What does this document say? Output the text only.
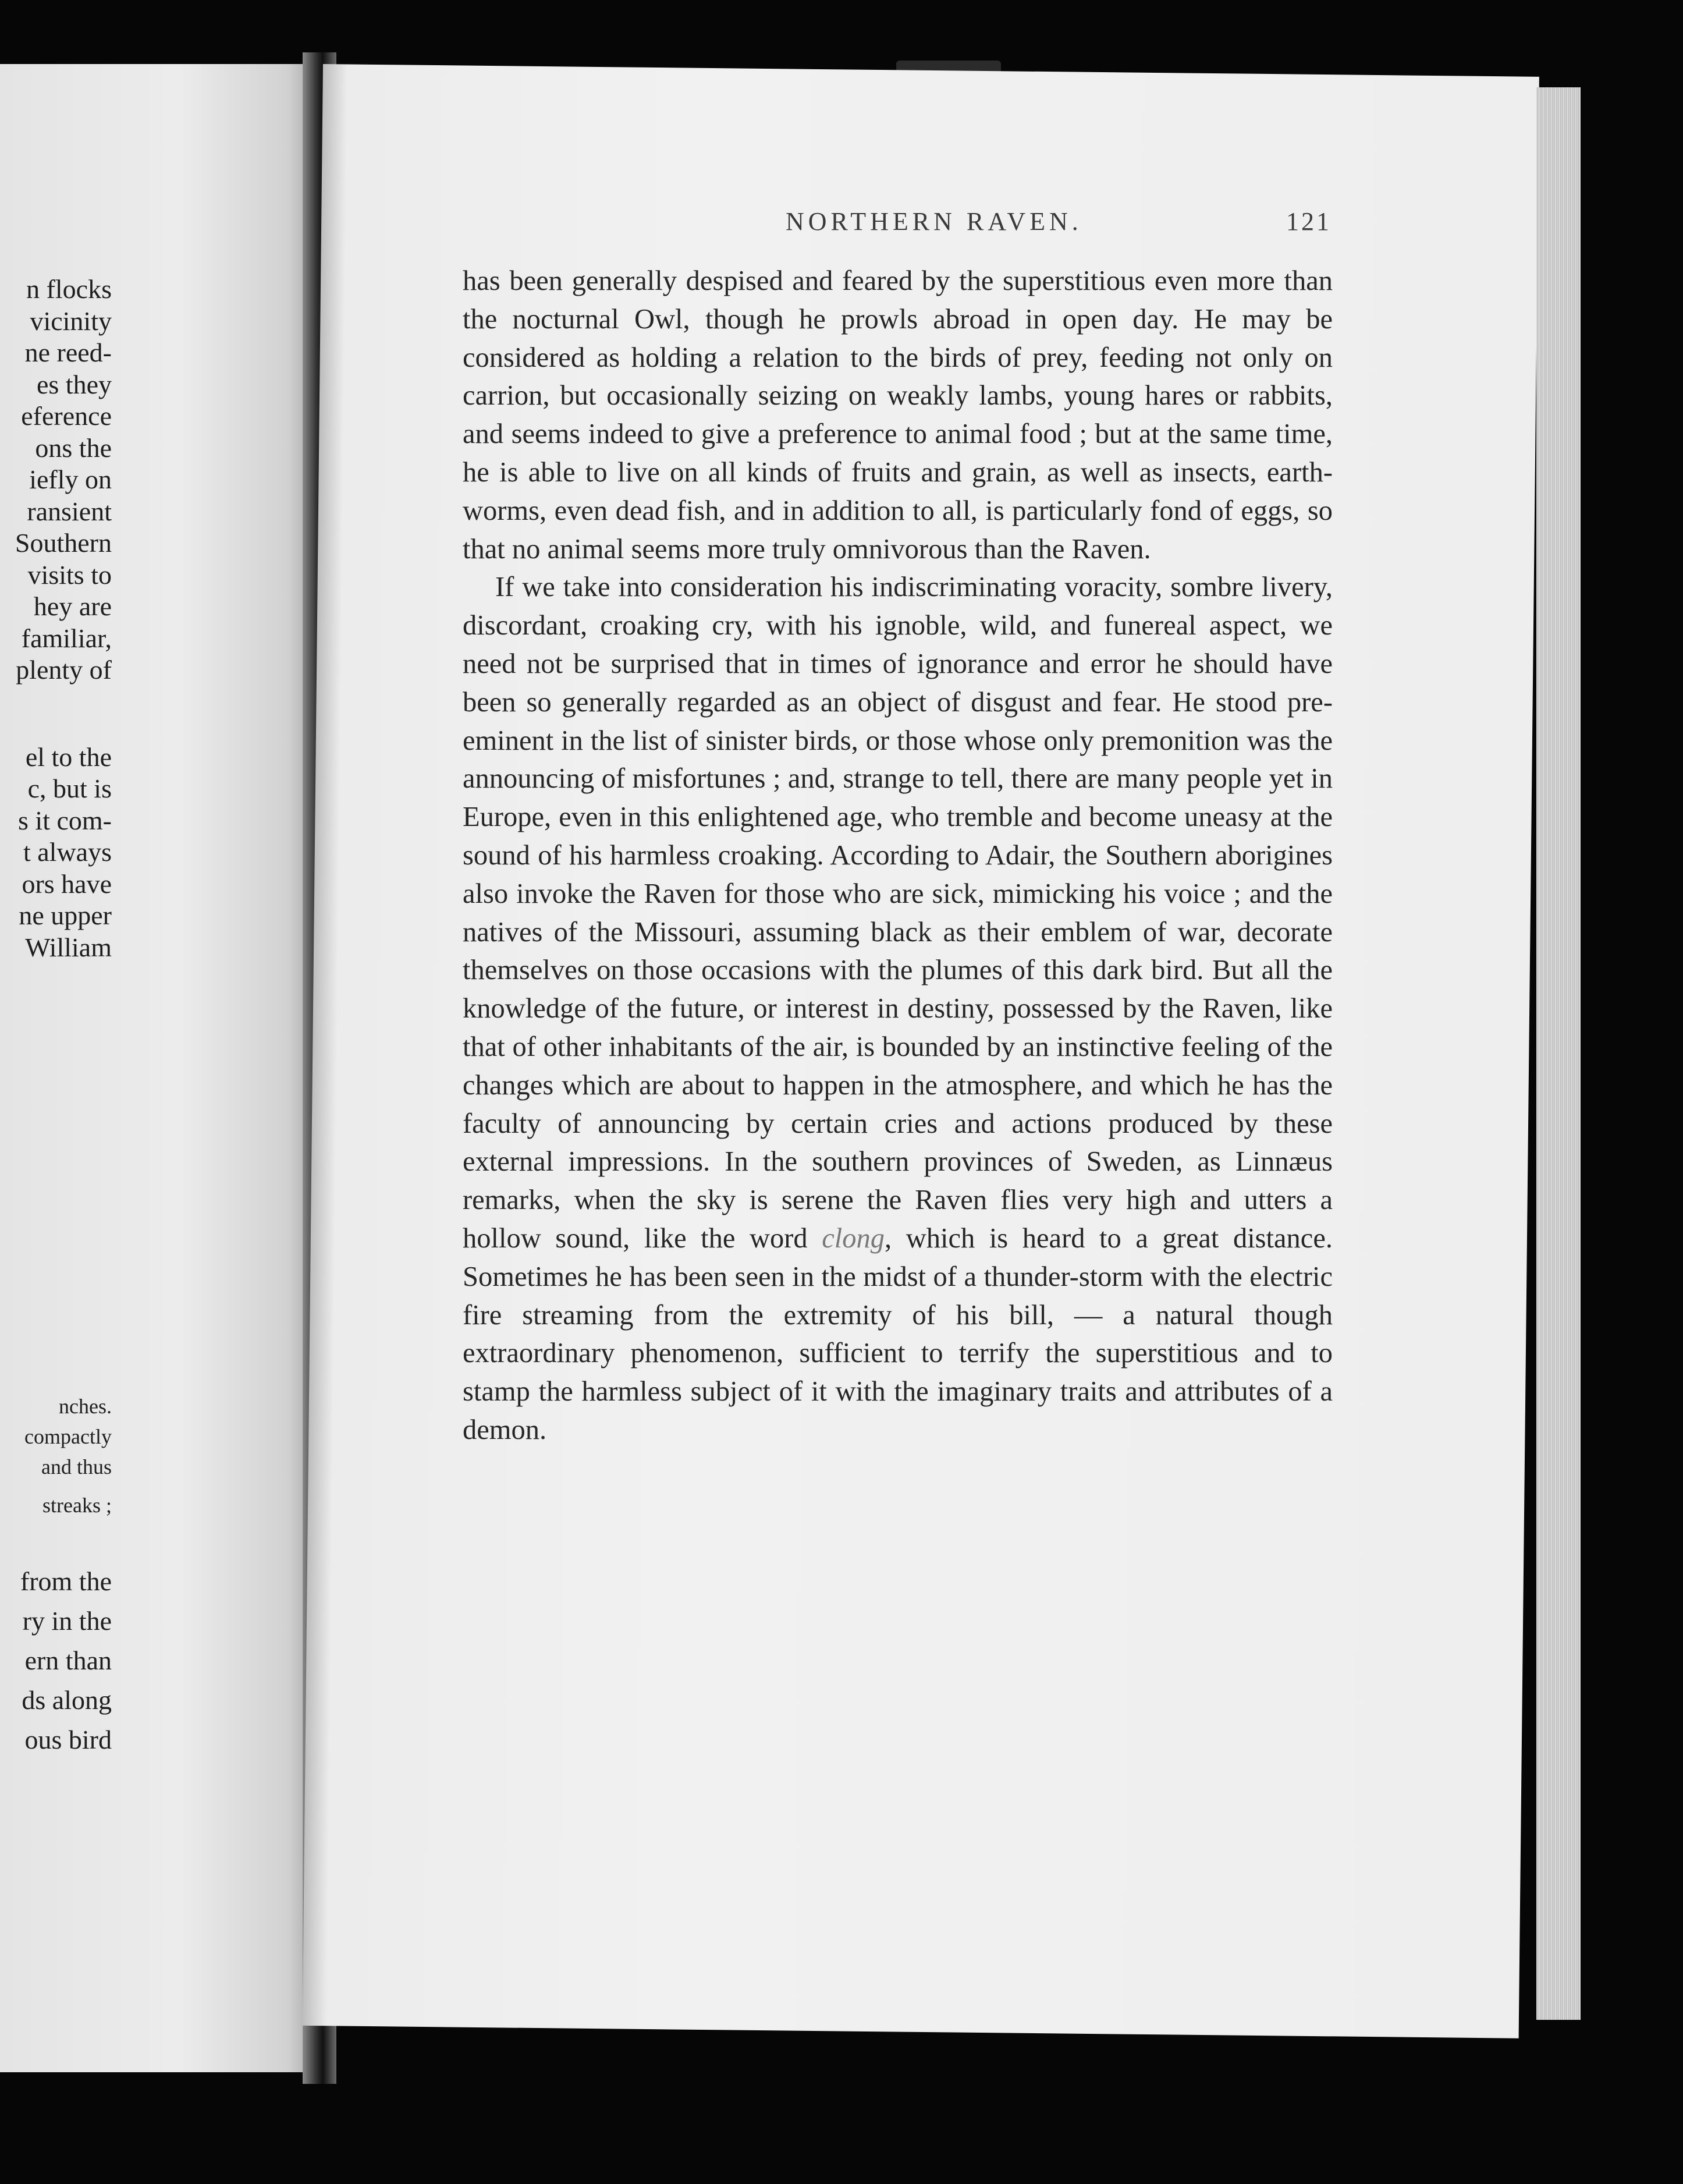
n flocks
vicinity
ne reed-
es they
eference
ons the
iefly on
ransient
Southern
visits to
hey are
familiar,
plenty of
el to the
c, but is
s it com-
t always
ors have
ne upper
William
nches.
compactly
and thus
streaks ;
from the
ry in the
ern than
ds along
ous bird
NORTHERN RAVEN.	121

has been generally despised and feared by the superstitious even more than the nocturnal Owl, though he prowls abroad in open day. He may be considered as holding a relation to the birds of prey, feeding not only on carrion, but occasionally seizing on weakly lambs, young hares or rabbits, and seems indeed to give a preference to animal food ; but at the same time, he is able to live on all kinds of fruits and grain, as well as insects, earth-worms, even dead fish, and in addition to all, is particularly fond of eggs, so that no animal seems more truly omnivorous than the Raven.

If we take into consideration his indiscriminating voracity, sombre livery, discordant, croaking cry, with his ignoble, wild, and funereal aspect, we need not be surprised that in times of ignorance and error he should have been so generally regarded as an object of disgust and fear. He stood pre-eminent in the list of sinister birds, or those whose only premonition was the announcing of misfortunes ; and, strange to tell, there are many people yet in Europe, even in this enlightened age, who tremble and become uneasy at the sound of his harmless croaking. According to Adair, the Southern aborigines also invoke the Raven for those who are sick, mimicking his voice ; and the natives of the Missouri, assuming black as their emblem of war, decorate themselves on those occasions with the plumes of this dark bird. But all the knowledge of the future, or interest in destiny, possessed by the Raven, like that of other inhabitants of the air, is bounded by an instinctive feeling of the changes which are about to happen in the atmosphere, and which he has the faculty of announcing by certain cries and actions produced by these external impressions. In the southern provinces of Sweden, as Linnæus remarks, when the sky is serene the Raven flies very high and utters a hollow sound, like the word clong, which is heard to a great distance. Sometimes he has been seen in the midst of a thunder-storm with the electric fire streaming from the extremity of his bill, — a natural though extraordinary phenomenon, sufficient to terrify the superstitious and to stamp the harmless subject of it with the imaginary traits and attributes of a demon.
